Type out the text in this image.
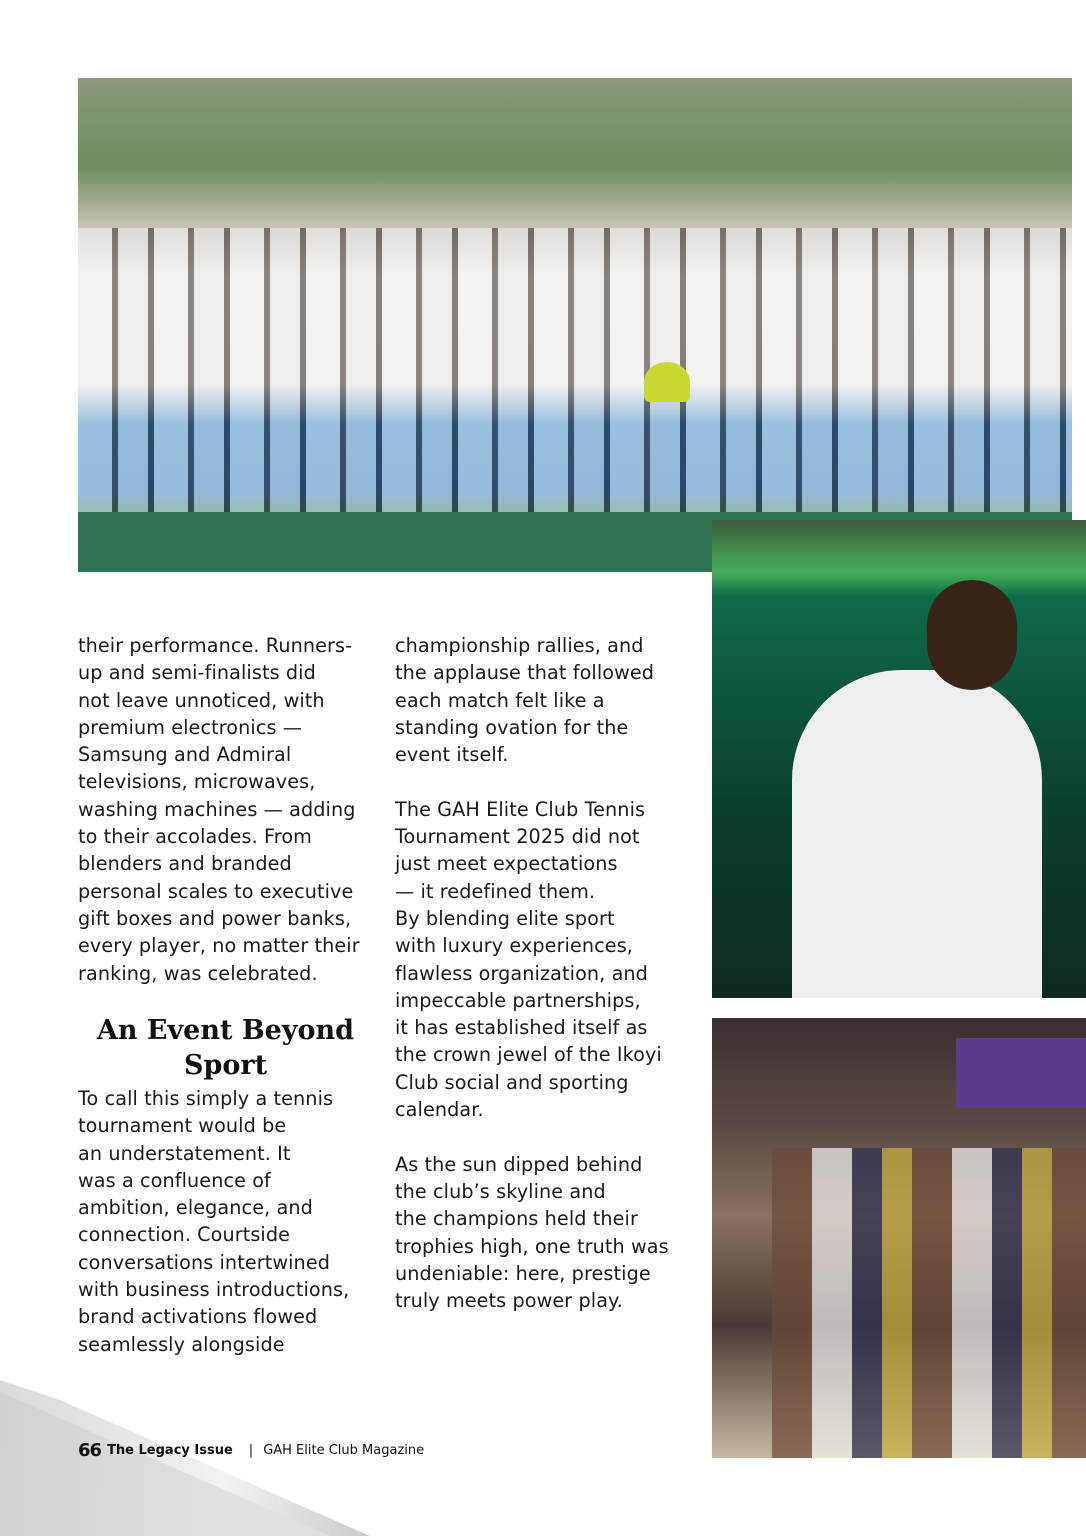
their performance. Runners-
up and semi-finalists did
not leave unnoticed, with
premium electronics —
Samsung and Admiral
televisions, microwaves,
washing machines — adding
to their accolades. From
blenders and branded
personal scales to executive
gift boxes and power banks,
every player, no matter their
ranking, was celebrated.
An Event Beyond Sport
To call this simply a tennis
tournament would be
an understatement. It
was a confluence of
ambition, elegance, and
connection. Courtside
conversations intertwined
with business introductions,
brand activations flowed
seamlessly alongside
championship rallies, and
the applause that followed
each match felt like a
standing ovation for the
event itself.
The GAH Elite Club Tennis
Tournament 2025 did not
just meet expectations
— it redefined them.
By blending elite sport
with luxury experiences,
flawless organization, and
impeccable partnerships,
it has established itself as
the crown jewel of the Ikoyi
Club social and sporting
calendar.
As the sun dipped behind
the club’s skyline and
the champions held their
trophies high, one truth was
undeniable: here, prestige
truly meets power play.
66 The Legacy Issue | GAH Elite Club Magazine
